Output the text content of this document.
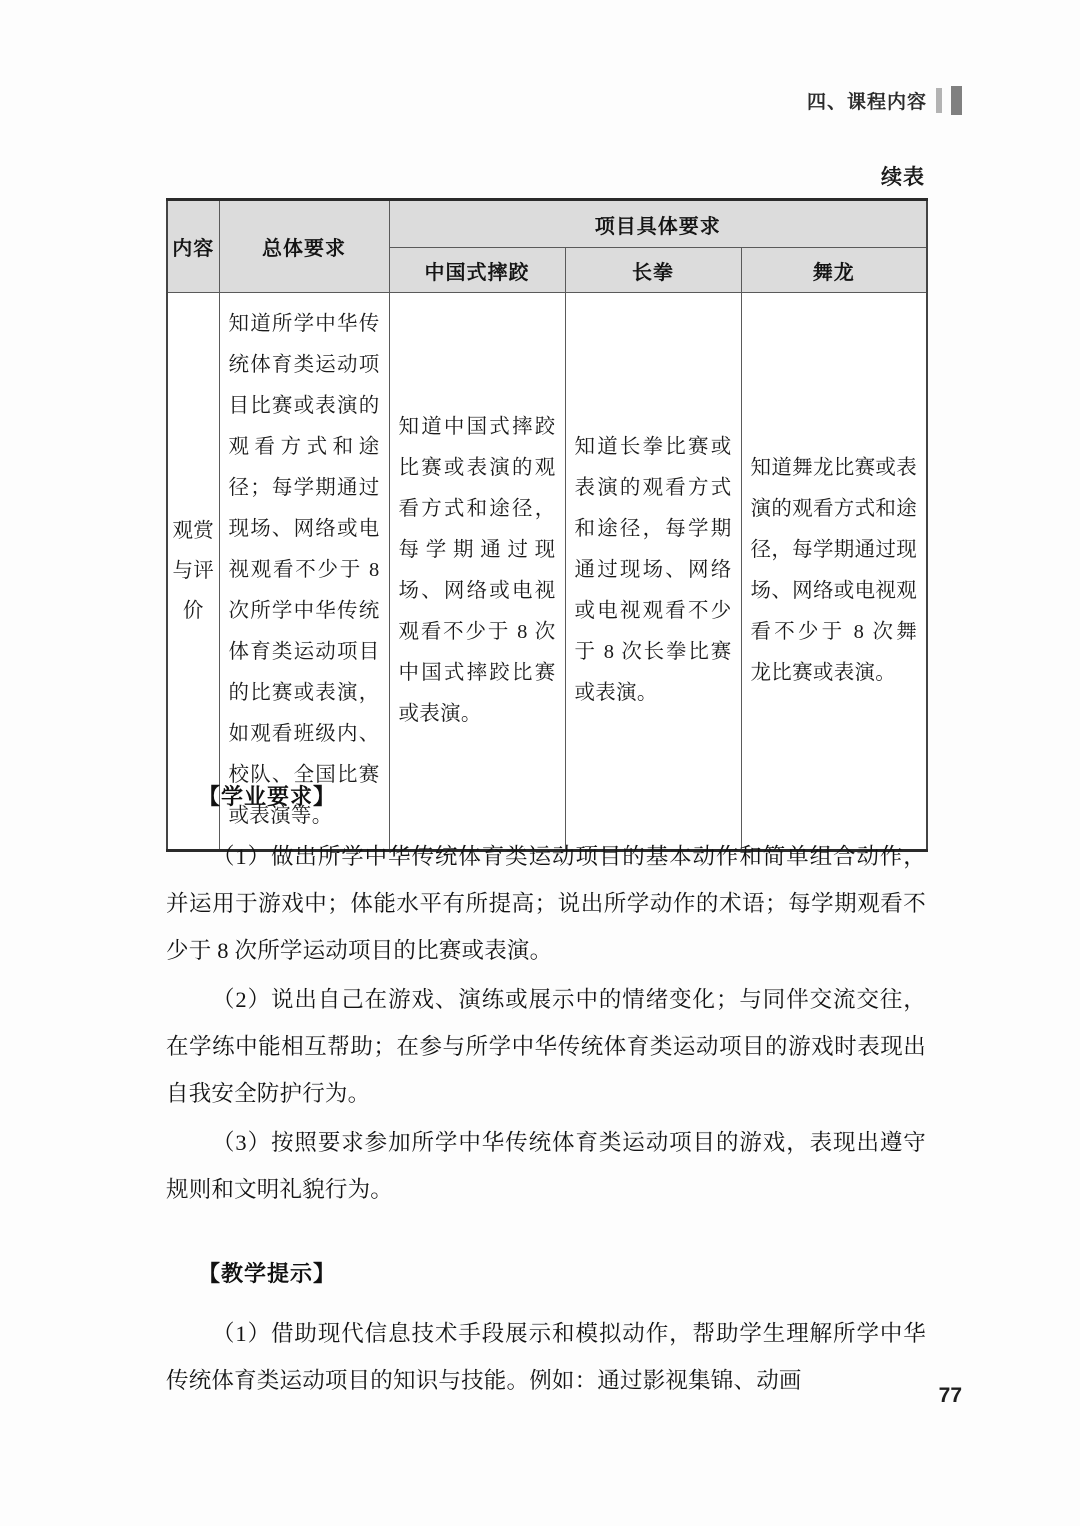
四、课程内容
续表
内容	总体要求	项目具体要求		
		中国式摔跤	长拳	舞龙

观赏与评价	知道所学中华传统体育类运动项目比赛或表演的观看方式和途径；每学期通过现场、网络或电视观看不少于 8 次所学中华传统体育类运动项目的比赛或表演，如观看班级内、校队、全国比赛或表演等。	知道中国式摔跤比赛或表演的观看方式和途径，每学期通过现场、网络或电视观看不少于 8 次中国式摔跤比赛或表演。	知道长拳比赛或表演的观看方式和途径，每学期通过现场、网络或电视观看不少于 8 次长拳比赛或表演。	知道舞龙比赛或表演的观看方式和途径，每学期通过现场、网络或电视观看不少于 8 次舞龙比赛或表演。
【学业要求】

（1）做出所学中华传统体育类运动项目的基本动作和简单组合动作，并运用于游戏中；体能水平有所提高；说出所学动作的术语；每学期观看不少于 8 次所学运动项目的比赛或表演。

（2）说出自己在游戏、演练或展示中的情绪变化；与同伴交流交往，在学练中能相互帮助；在参与所学中华传统体育类运动项目的游戏时表现出自我安全防护行为。

（3）按照要求参加所学中华传统体育类运动项目的游戏，表现出遵守规则和文明礼貌行为。

【教学提示】

（1）借助现代信息技术手段展示和模拟动作，帮助学生理解所学中华传统体育类运动项目的知识与技能。例如：通过影视集锦、动画

77
